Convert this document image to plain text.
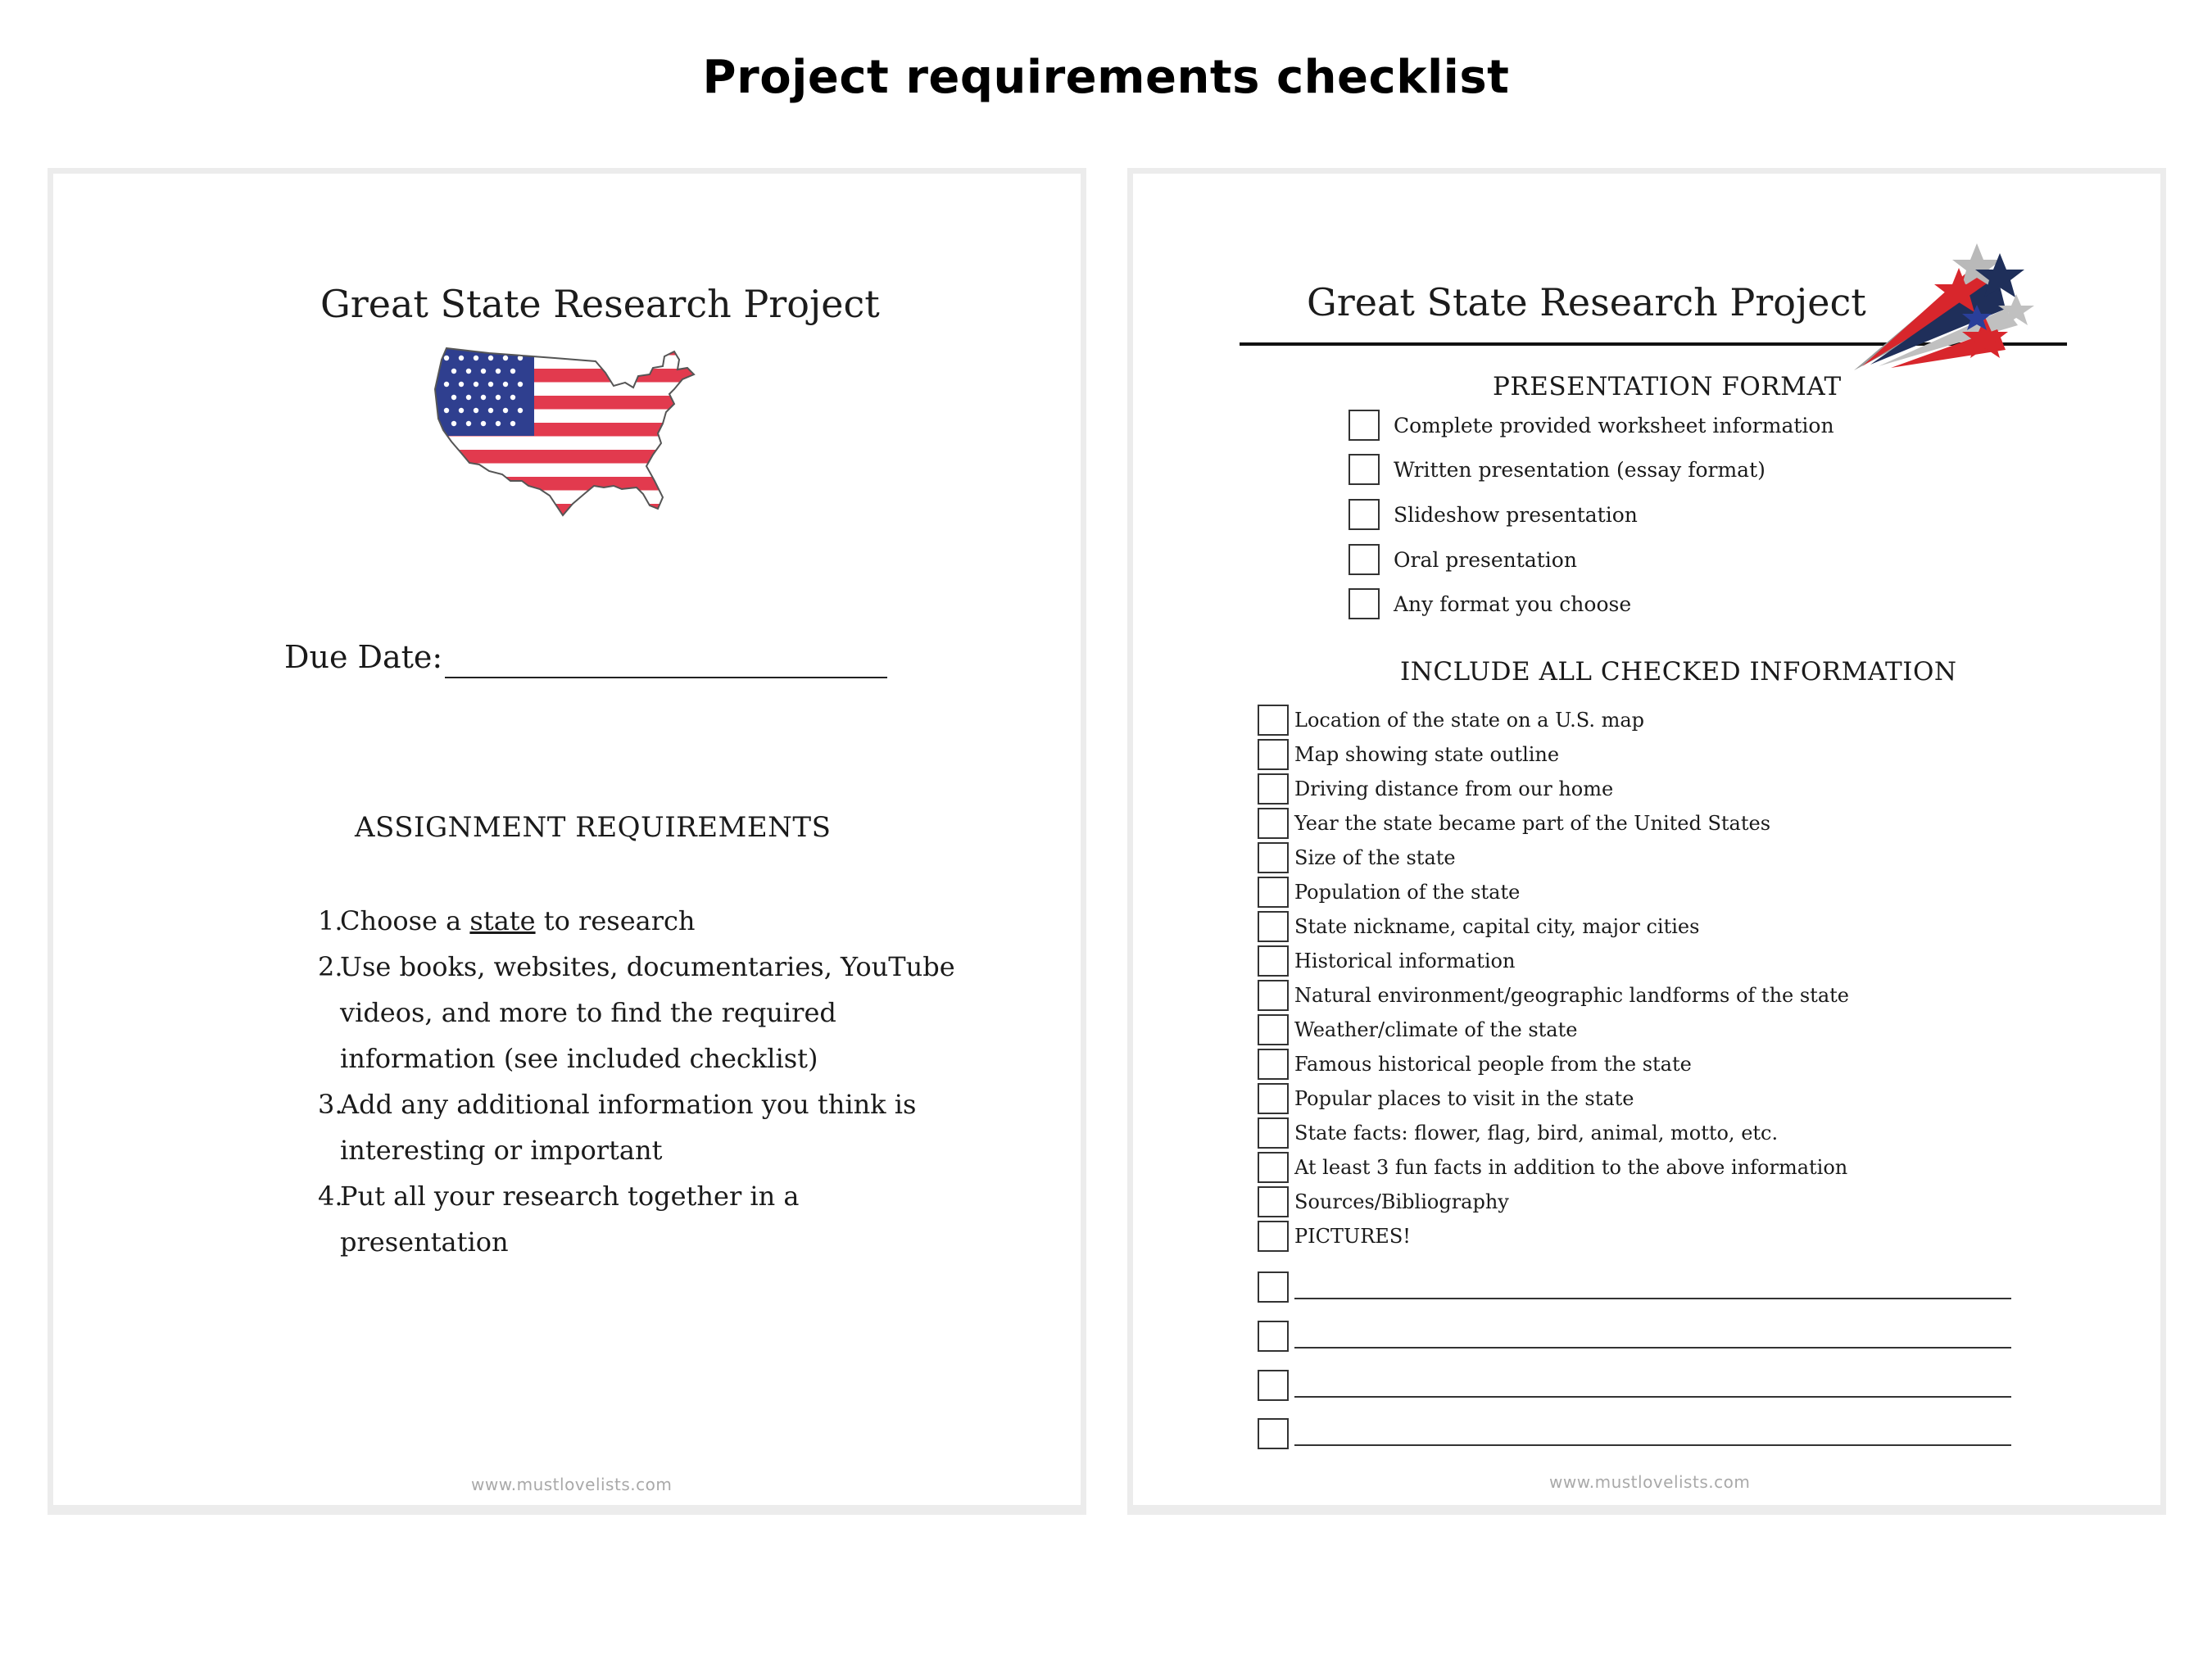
Project requirements checklist
Great State Research Project
Due Date:
ASSIGNMENT REQUIREMENTS
1.
Choose a state to research
2.
Use books, websites, documentaries, YouTube
videos, and more to find the required
information (see included checklist)
3.
Add any additional information you think is
interesting or important
4.
Put all your research together in a presentation
www.mustlovelists.com
Great State Research Project
PRESENTATION FORMAT
Complete provided worksheet information
Written presentation (essay format)
Slideshow presentation
Oral presentation
Any format you choose
INCLUDE ALL CHECKED INFORMATION
Location of the state on a U.S. map
Map showing state outline
Driving distance from our home
Year the state became part of the United States
Size of the state
Population of the state
State nickname, capital city, major cities
Historical information
Natural environment/geographic landforms of the state
Weather/climate of the state
Famous historical people from the state
Popular places to visit in the state
State facts: flower, flag, bird, animal, motto, etc.
At least 3 fun facts in addition to the above information
Sources/Bibliography
PICTURES!
www.mustlovelists.com
